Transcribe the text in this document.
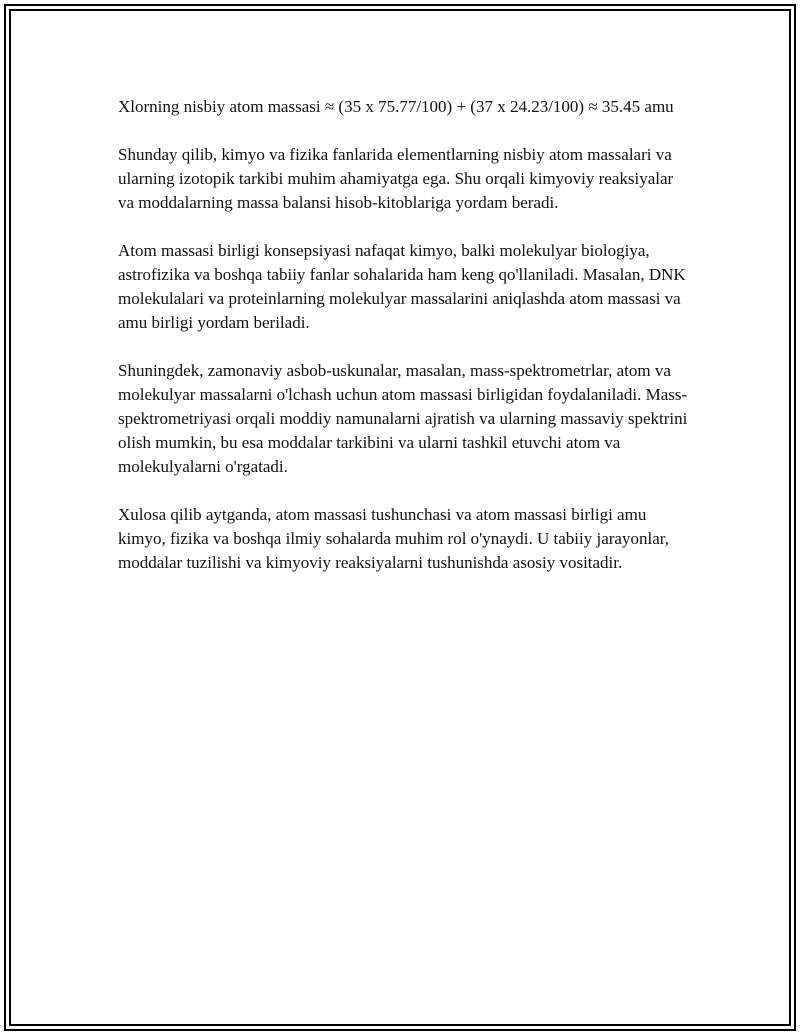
Xlorning nisbiy atom massasi ≈ (35 x 75.77/100) + (37 x 24.23/100) ≈ 35.45 amu

Shunday qilib, kimyo va fizika fanlarida elementlarning nisbiy atom massalari va ularning izotopik tarkibi muhim ahamiyatga ega. Shu orqali kimyoviy reaksiyalar va moddalarning massa balansi hisob-kitoblariga yordam beradi.

Atom massasi birligi konsepsiyasi nafaqat kimyo, balki molekulyar biologiya, astrofizika va boshqa tabiiy fanlar sohalarida ham keng qo'llaniladi. Masalan, DNK molekulalari va proteinlarning molekulyar massalarini aniqlashda atom massasi va amu birligi yordam beriladi.

Shuningdek, zamonaviy asbob-uskunalar, masalan, mass-spektrometrlar, atom va molekulyar massalarni o'lchash uchun atom massasi birligidan foydalaniladi. Mass-spektrometriyasi orqali moddiy namunalarni ajratish va ularning massaviy spektrini olish mumkin, bu esa moddalar tarkibini va ularni tashkil etuvchi atom va molekulyalarni o'rgatadi.

Xulosa qilib aytganda, atom massasi tushunchasi va atom massasi birligi amu kimyo, fizika va boshqa ilmiy sohalarda muhim rol o'ynaydi. U tabiiy jarayonlar, moddalar tuzilishi va kimyoviy reaksiyalarni tushunishda asosiy vositadir.
